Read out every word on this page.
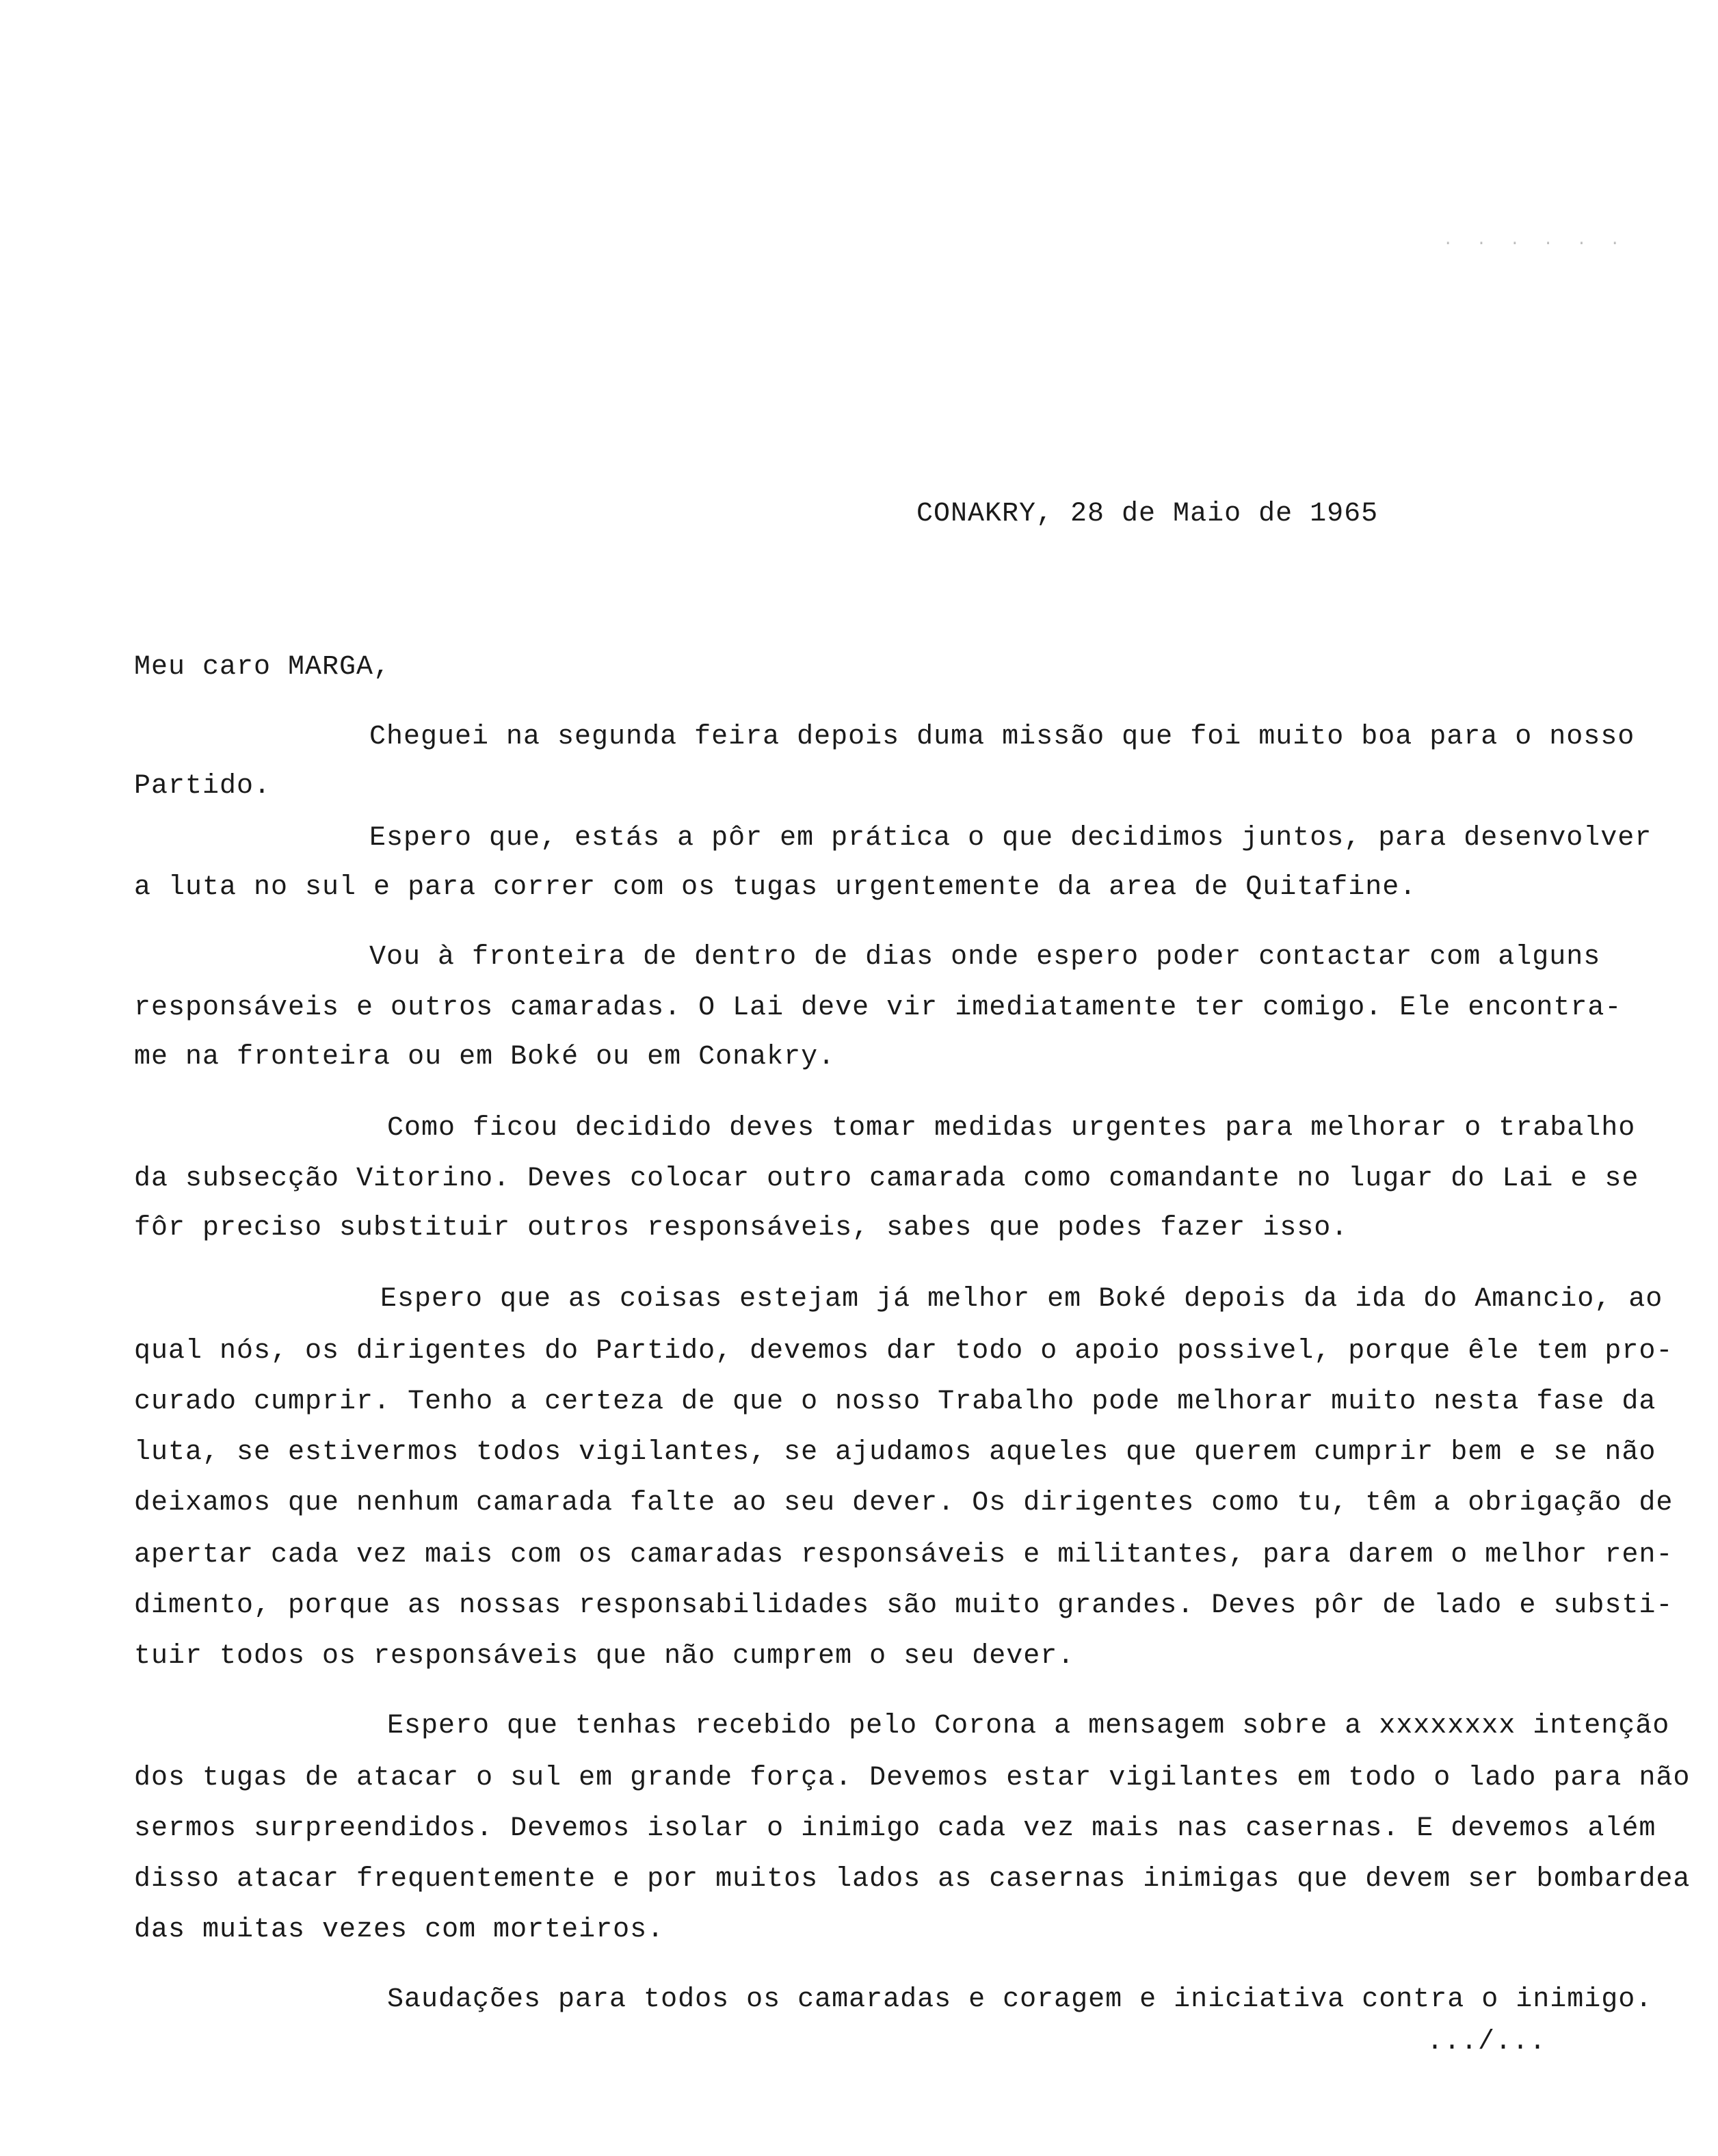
. . . . . .
CONAKRY, 28 de Maio de 1965
Meu caro MARGA,
Cheguei na segunda feira depois duma missão que foi muito boa para o nosso
Partido.
Espero que, estás a pôr em prática o que decidimos juntos, para desenvolver
a luta no sul e para correr com os tugas urgentemente da area de Quitafine.
Vou à fronteira de dentro de dias onde espero poder contactar com alguns
responsáveis e outros camaradas. O Lai deve vir imediatamente ter comigo. Ele encontra-
me na fronteira ou em Boké ou em Conakry.
Como ficou decidido deves tomar medidas urgentes para melhorar o trabalho
da subsecção Vitorino. Deves colocar outro camarada como comandante no lugar do Lai e se
fôr preciso substituir outros responsáveis, sabes que podes fazer isso.
Espero que as coisas estejam já melhor em Boké depois da ida do Amancio, ao
qual nós, os dirigentes do Partido, devemos dar todo o apoio possivel, porque êle tem pro-
curado cumprir. Tenho a certeza de que o nosso Trabalho pode melhorar muito nesta fase da
luta, se estivermos todos vigilantes, se ajudamos aqueles que querem cumprir bem e se não
deixamos que nenhum camarada falte ao seu dever. Os dirigentes como tu, têm a obrigação de
apertar cada vez mais com os camaradas responsáveis e militantes, para darem o melhor ren-
dimento, porque as nossas responsabilidades são muito grandes. Deves pôr de lado e substi-
tuir todos os responsáveis que não cumprem o seu dever.
Espero que tenhas recebido pelo Corona a mensagem sobre a xxxxxxxx intenção
dos tugas de atacar o sul em grande força. Devemos estar vigilantes em todo o lado para não
sermos surpreendidos. Devemos isolar o inimigo cada vez mais nas casernas. E devemos além
disso atacar frequentemente e por muitos lados as casernas inimigas que devem ser bombardea
das muitas vezes com morteiros.
Saudações para todos os camaradas e coragem e iniciativa contra o inimigo.
.../...
